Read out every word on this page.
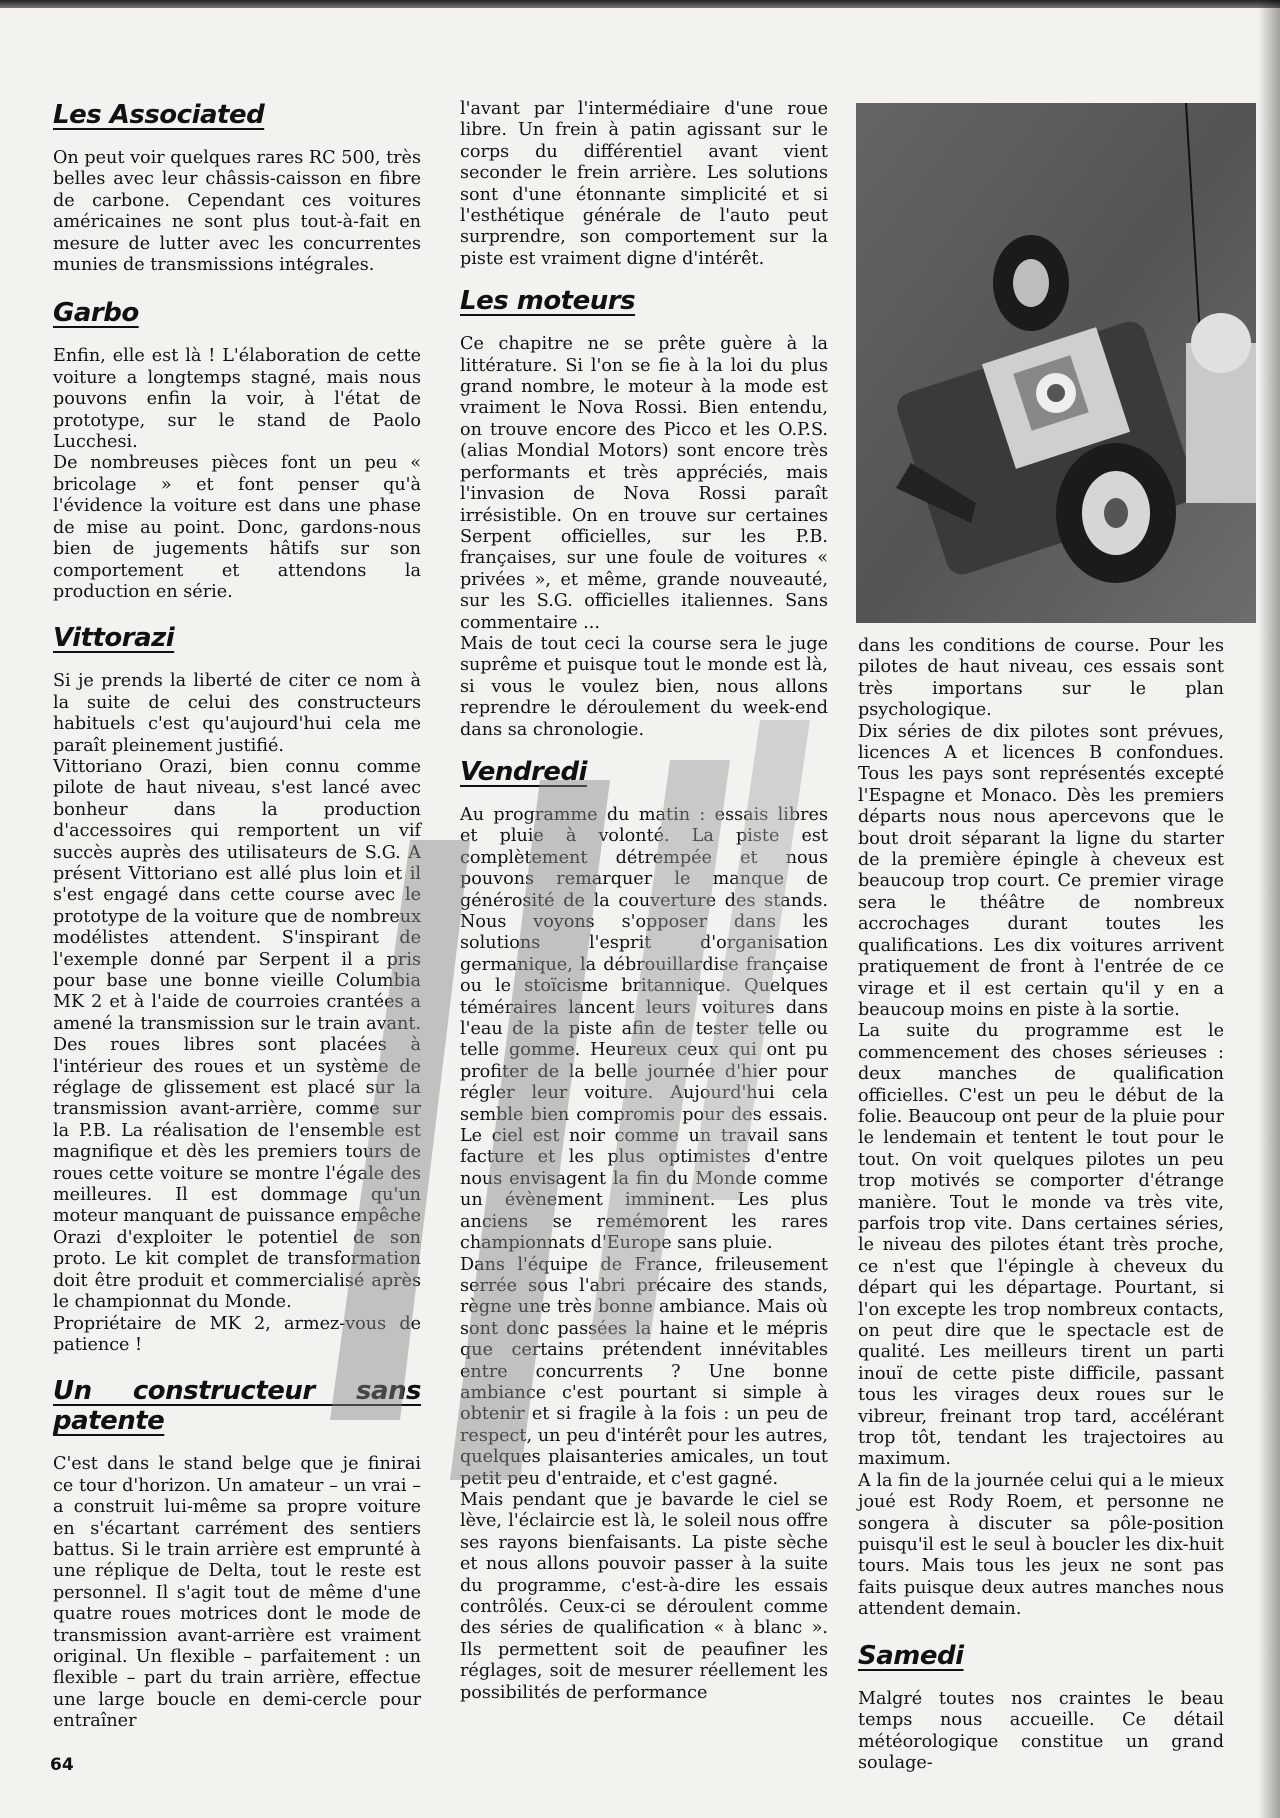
Les Associated

On peut voir quelques rares RC 500, très belles avec leur châssis-caisson en fibre de carbone. Cependant ces voitures américaines ne sont plus tout-à-fait en mesure de lutter avec les concurrentes munies de transmissions intégrales.

Garbo

Enfin, elle est là ! L'élaboration de cette voiture a longtemps stagné, mais nous pouvons enfin la voir, à l'état de prototype, sur le stand de Paolo Lucchesi.

De nombreuses pièces font un peu « bricolage » et font penser qu'à l'évidence la voiture est dans une phase de mise au point. Donc, gardons-nous bien de jugements hâtifs sur son comportement et attendons la production en série.

Vittorazi

Si je prends la liberté de citer ce nom à la suite de celui des constructeurs habituels c'est qu'aujourd'hui cela me paraît pleinement justifié.

Vittoriano Orazi, bien connu comme pilote de haut niveau, s'est lancé avec bonheur dans la production d'accessoires qui remportent un vif succès auprès des utilisateurs de S.G. A présent Vittoriano est allé plus loin et il s'est engagé dans cette course avec le prototype de la voiture que de nombreux modélistes attendent. S'inspirant de l'exemple donné par Serpent il a pris pour base une bonne vieille Columbia MK 2 et à l'aide de courroies crantées a amené la transmission sur le train avant. Des roues libres sont placées à l'intérieur des roues et un système de réglage de glissement est placé sur la transmission avant-arrière, comme sur la P.B. La réalisation de l'ensemble est magnifique et dès les premiers tours de roues cette voiture se montre l'égale des meilleures. Il est dommage qu'un moteur manquant de puissance empêche Orazi d'exploiter le potentiel de son proto. Le kit complet de transformation doit être produit et commercialisé après le championnat du Monde.

Propriétaire de MK 2, armez-vous de patience !

Un constructeur sans patente

C'est dans le stand belge que je finirai ce tour d'horizon. Un amateur – un vrai – a construit lui-même sa propre voiture en s'écartant carrément des sentiers battus. Si le train arrière est emprunté à une réplique de Delta, tout le reste est personnel. Il s'agit tout de même d'une quatre roues motrices dont le mode de transmission avant-arrière est vraiment original. Un flexible – parfaitement : un flexible – part du train arrière, effectue une large boucle en demi-cercle pour entraîner

l'avant par l'intermédiaire d'une roue libre. Un frein à patin agissant sur le corps du différentiel avant vient seconder le frein arrière. Les solutions sont d'une étonnante simplicité et si l'esthétique générale de l'auto peut surprendre, son comportement sur la piste est vraiment digne d'intérêt.

Les moteurs

Ce chapitre ne se prête guère à la littérature. Si l'on se fie à la loi du plus grand nombre, le moteur à la mode est vraiment le Nova Rossi. Bien entendu, on trouve encore des Picco et les O.P.S. (alias Mondial Motors) sont encore très performants et très appréciés, mais l'invasion de Nova Rossi paraît irrésistible. On en trouve sur certaines Serpent officielles, sur les P.B. françaises, sur une foule de voitures « privées », et même, grande nouveauté, sur les S.G. officielles italiennes. Sans commentaire ...

Mais de tout ceci la course sera le juge suprême et puisque tout le monde est là, si vous le voulez bien, nous allons reprendre le déroulement du week-end dans sa chronologie.

Vendredi

Au programme du matin : essais libres et pluie à volonté. La piste est complètement détrempée et nous pouvons remarquer le manque de générosité de la couverture des stands. Nous voyons s'opposer dans les solutions l'esprit d'organisation germanique, la débrouillardise française ou le stoïcisme britannique. Quelques téméraires lancent leurs voitures dans l'eau de la piste afin de tester telle ou telle gomme. Heureux ceux qui ont pu profiter de la belle journée d'hier pour régler leur voiture. Aujourd'hui cela semble bien compromis pour des essais. Le ciel est noir comme un travail sans facture et les plus optimistes d'entre nous envisagent la fin du Monde comme un évènement imminent. Les plus anciens se remémorent les rares championnats d'Europe sans pluie.

Dans l'équipe de France, frileusement serrée sous l'abri précaire des stands, règne une très bonne ambiance. Mais où sont donc passées la haine et le mépris que certains prétendent innévitables entre concurrents ? Une bonne ambiance c'est pourtant si simple à obtenir et si fragile à la fois : un peu de respect, un peu d'intérêt pour les autres, quelques plaisanteries amicales, un tout petit peu d'entraide, et c'est gagné.

Mais pendant que je bavarde le ciel se lève, l'éclaircie est là, le soleil nous offre ses rayons bienfaisants. La piste sèche et nous allons pouvoir passer à la suite du programme, c'est-à-dire les essais contrôlés. Ceux-ci se déroulent comme des séries de qualification « à blanc ». Ils permettent soit de peaufiner les réglages, soit de mesurer réellement les possibilités de performance

dans les conditions de course. Pour les pilotes de haut niveau, ces essais sont très importans sur le plan psychologique.

Dix séries de dix pilotes sont prévues, licences A et licences B confondues. Tous les pays sont représentés excepté l'Espagne et Monaco. Dès les premiers départs nous nous apercevons que le bout droit séparant la ligne du starter de la première épingle à cheveux est beaucoup trop court. Ce premier virage sera le théâtre de nombreux accrochages durant toutes les qualifications. Les dix voitures arrivent pratiquement de front à l'entrée de ce virage et il est certain qu'il y en a beaucoup moins en piste à la sortie.

La suite du programme est le commencement des choses sérieuses : deux manches de qualification officielles. C'est un peu le début de la folie. Beaucoup ont peur de la pluie pour le lendemain et tentent le tout pour le tout. On voit quelques pilotes un peu trop motivés se comporter d'étrange manière. Tout le monde va très vite, parfois trop vite. Dans certaines séries, le niveau des pilotes étant très proche, ce n'est que l'épingle à cheveux du départ qui les départage. Pourtant, si l'on excepte les trop nombreux contacts, on peut dire que le spectacle est de qualité. Les meilleurs tirent un parti inouï de cette piste difficile, passant tous les virages deux roues sur le vibreur, freinant trop tard, accélérant trop tôt, tendant les trajectoires au maximum.

A la fin de la journée celui qui a le mieux joué est Rody Roem, et personne ne songera à discuter sa pôle-position puisqu'il est le seul à boucler les dix-huit tours. Mais tous les jeux ne sont pas faits puisque deux autres manches nous attendent demain.

Samedi

Malgré toutes nos craintes le beau temps nous accueille. Ce détail météorologique constitue un grand soulage-

64
